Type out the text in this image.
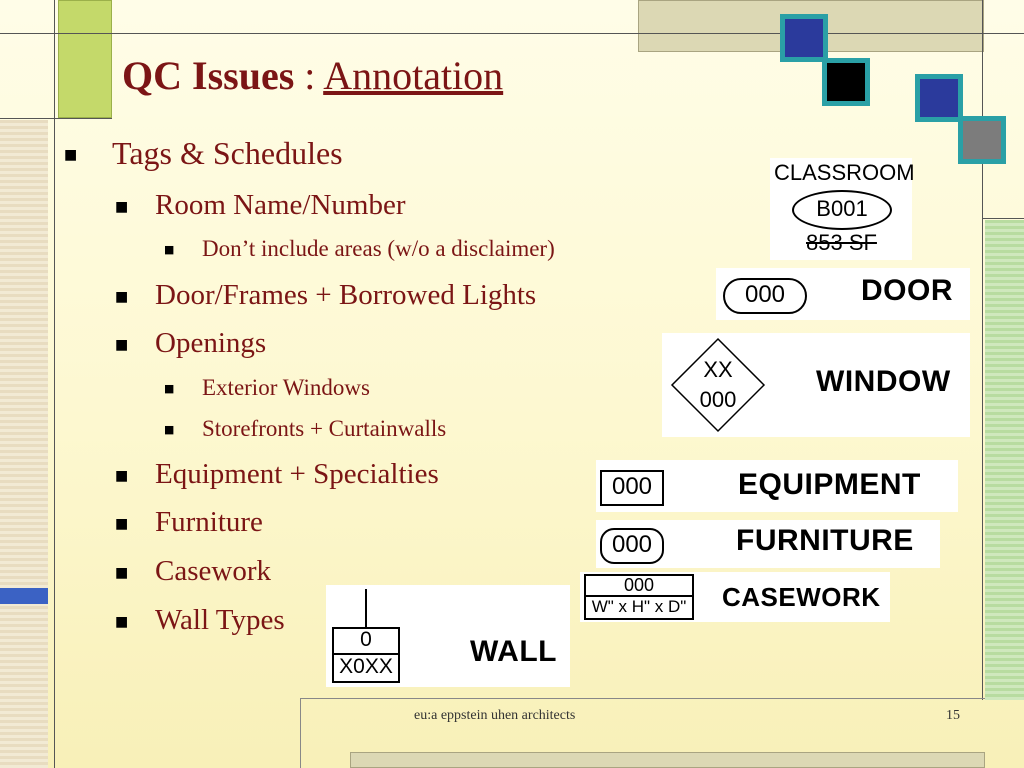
QC Issues : Annotation
■ Tags & Schedules
■ Room Name/Number
■ Don’t include areas (w/o a disclaimer)
■ Door/Frames + Borrowed Lights
■ Openings
■ Exterior Windows
■ Storefronts + Curtainwalls
■ Equipment + Specialties
■ Furniture
■ Casework
■ Wall Types
CLASSROOM
B001
853 SF
000	DOOR
XX
000
WINDOW
000	EQUIPMENT
000	FURNITURE
000
W" x H" x D" CASEWORK
0
X0XX	WALL
eu:a eppstein uhen architects	15
